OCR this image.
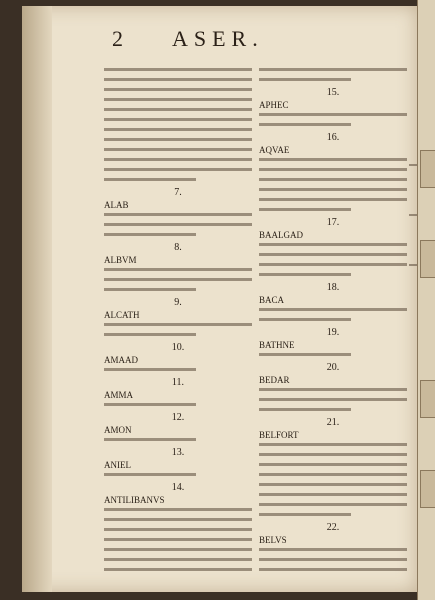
2 ASER.
7.
ALAB
8.
ALBVM
9.
ALCATH
10.
AMAAD
11.
AMMA
12.
AMON
13.
ANIEL
14.
ANTILIBANVS
15.
APHEC
16.
AQVAE
17.
BAALGAD
18.
BACA
19.
BATHNE
20.
BEDAR
21.
BELFORT
22.
BELVS
